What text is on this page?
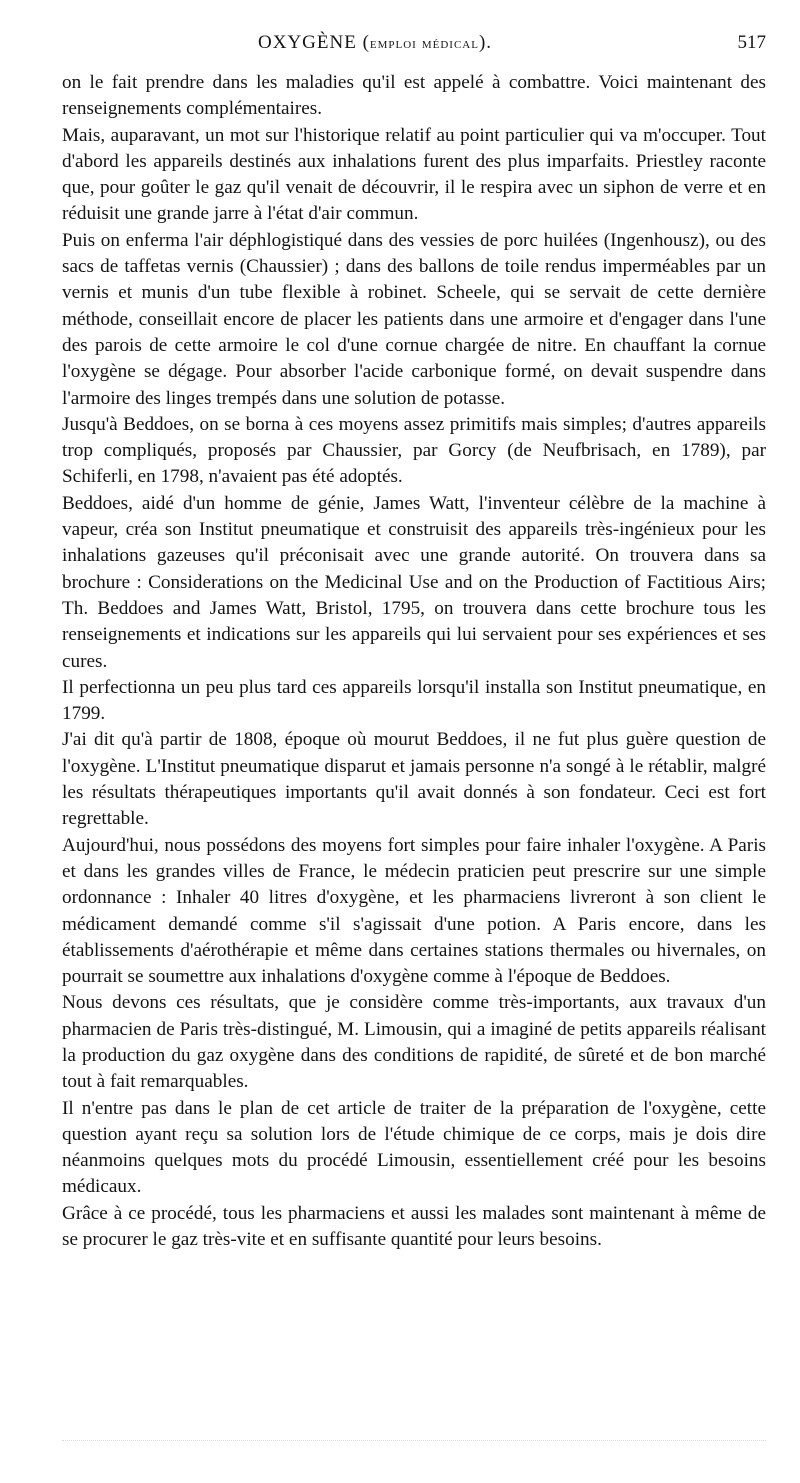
OXYGÈNE (emploi médical).	517

on le fait prendre dans les maladies qu'il est appelé à combattre. Voici maintenant des renseignements complémentaires.

Mais, auparavant, un mot sur l'historique relatif au point particulier qui va m'occuper. Tout d'abord les appareils destinés aux inhalations furent des plus imparfaits. Priestley raconte que, pour goûter le gaz qu'il venait de découvrir, il le respira avec un siphon de verre et en réduisit une grande jarre à l'état d'air commun.

Puis on enferma l'air déphlogistiqué dans des vessies de porc huilées (Ingenhousz), ou des sacs de taffetas vernis (Chaussier) ; dans des ballons de toile rendus imperméables par un vernis et munis d'un tube flexible à robinet. Scheele, qui se servait de cette dernière méthode, conseillait encore de placer les patients dans une armoire et d'engager dans l'une des parois de cette armoire le col d'une cornue chargée de nitre. En chauffant la cornue l'oxygène se dégage. Pour absorber l'acide carbonique formé, on devait suspendre dans l'armoire des linges trempés dans une solution de potasse.

Jusqu'à Beddoes, on se borna à ces moyens assez primitifs mais simples; d'autres appareils trop compliqués, proposés par Chaussier, par Gorcy (de Neufbrisach, en 1789), par Schiferli, en 1798, n'avaient pas été adoptés.

Beddoes, aidé d'un homme de génie, James Watt, l'inventeur célèbre de la machine à vapeur, créa son Institut pneumatique et construisit des appareils très-ingénieux pour les inhalations gazeuses qu'il préconisait avec une grande autorité. On trouvera dans sa brochure : Considerations on the Medicinal Use and on the Production of Factitious Airs; Th. Beddoes and James Watt, Bristol, 1795, on trouvera dans cette brochure tous les renseignements et indications sur les appareils qui lui servaient pour ses expériences et ses cures.

Il perfectionna un peu plus tard ces appareils lorsqu'il installa son Institut pneumatique, en 1799.

J'ai dit qu'à partir de 1808, époque où mourut Beddoes, il ne fut plus guère question de l'oxygène. L'Institut pneumatique disparut et jamais personne n'a songé à le rétablir, malgré les résultats thérapeutiques importants qu'il avait donnés à son fondateur. Ceci est fort regrettable.

Aujourd'hui, nous possédons des moyens fort simples pour faire inhaler l'oxygène. A Paris et dans les grandes villes de France, le médecin praticien peut prescrire sur une simple ordonnance : Inhaler 40 litres d'oxygène, et les pharmaciens livreront à son client le médicament demandé comme s'il s'agissait d'une potion. A Paris encore, dans les établissements d'aérothérapie et même dans certaines stations thermales ou hivernales, on pourrait se soumettre aux inhalations d'oxygène comme à l'époque de Beddoes.

Nous devons ces résultats, que je considère comme très-importants, aux travaux d'un pharmacien de Paris très-distingué, M. Limousin, qui a imaginé de petits appareils réalisant la production du gaz oxygène dans des conditions de rapidité, de sûreté et de bon marché tout à fait remarquables.

Il n'entre pas dans le plan de cet article de traiter de la préparation de l'oxygène, cette question ayant reçu sa solution lors de l'étude chimique de ce corps, mais je dois dire néanmoins quelques mots du procédé Limousin, essentiellement créé pour les besoins médicaux.

Grâce à ce procédé, tous les pharmaciens et aussi les malades sont maintenant à même de se procurer le gaz très-vite et en suffisante quantité pour leurs besoins.
